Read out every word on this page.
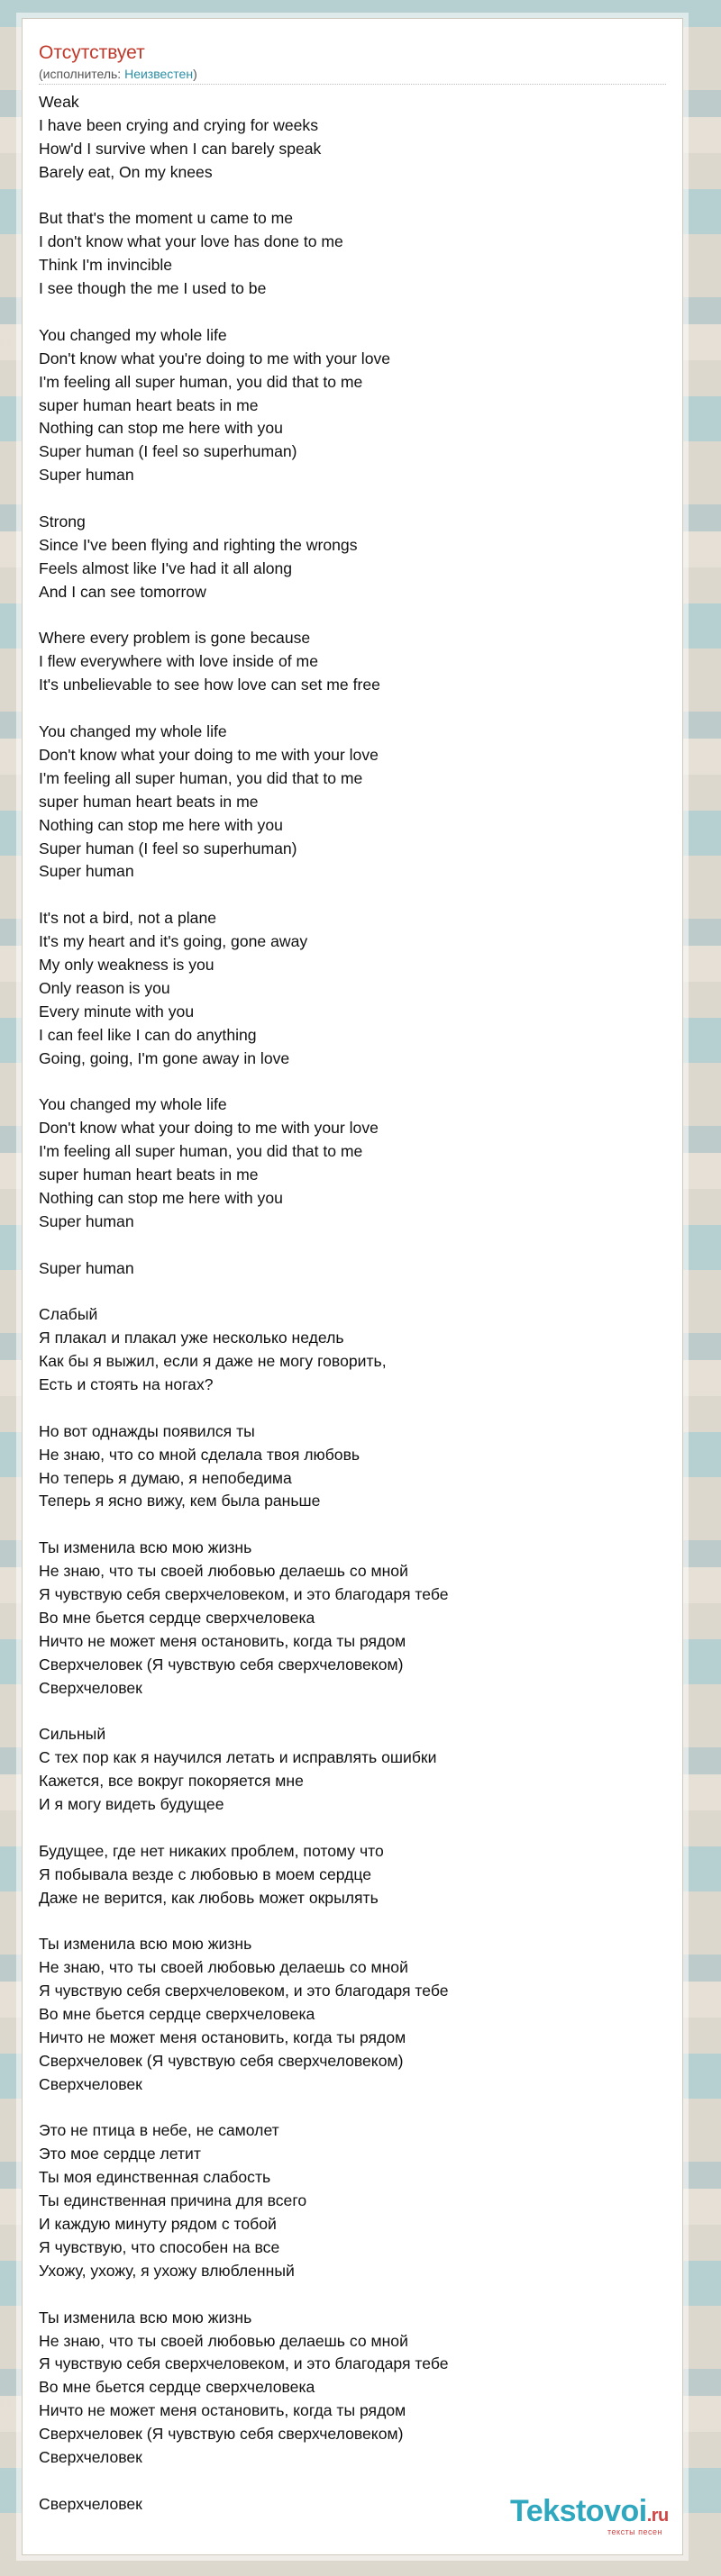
Отсутствует
(исполнитель: Неизвестен)
Weak
I have been crying and crying for weeks
How'd I survive when I can barely speak
Barely eat, On my knees
But that's the moment u came to me
I don't know what your love has done to me
Think I'm invincible
I see though the me I used to be
You changed my whole life
Don't know what you're doing to me with your love
I'm feeling all super human, you did that to me
super human heart beats in me
Nothing can stop me here with you
Super human (I feel so superhuman)
Super human
Strong
Since I've been flying and righting the wrongs
Feels almost like I've had it all along
And I can see tomorrow
Where every problem is gone because
I flew everywhere with love inside of me
It's unbelievable to see how love can set me free
You changed my whole life
Don't know what your doing to me with your love
I'm feeling all super human, you did that to me
super human heart beats in me
Nothing can stop me here with you
Super human (I feel so superhuman)
Super human
It's not a bird, not a plane
It's my heart and it's going, gone away
My only weakness is you
Only reason is you
Every minute with you
I can feel like I can do anything
Going, going, I'm gone away in love
You changed my whole life
Don't know what your doing to me with your love
I'm feeling all super human, you did that to me
super human heart beats in me
Nothing can stop me here with you
Super human
Super human
Слабый
Я плакал и плакал уже несколько недель
Как бы я выжил, если я даже не могу говорить,
Есть и стоять на ногах?
Но вот однажды появился ты
Не знаю, что со мной сделала твоя любовь
Но теперь я думаю, я непобедима
Теперь я ясно вижу, кем была раньше
Ты изменила всю мою жизнь
Не знаю, что ты своей любовью делаешь со мной
Я чувствую себя сверхчеловеком, и это благодаря тебе
Во мне бьется сердце сверхчеловека
Ничто не может меня остановить, когда ты рядом
Сверхчеловек (Я чувствую себя сверхчеловеком)
Сверхчеловек
Сильный
С тех пор как я научился летать и исправлять ошибки
Кажется, все вокруг покоряется мне
И я могу видеть будущее
Будущее, где нет никаких проблем, потому что
Я побывала везде с любовью в моем сердце
Даже не верится, как любовь может окрылять
Ты изменила всю мою жизнь
Не знаю, что ты своей любовью делаешь со мной
Я чувствую себя сверхчеловеком, и это благодаря тебе
Во мне бьется сердце сверхчеловека
Ничто не может меня остановить, когда ты рядом
Сверхчеловек (Я чувствую себя сверхчеловеком)
Сверхчеловек
Это не птица в небе, не самолет
Это мое сердце летит
Ты моя единственная слабость
Ты единственная причина для всего
И каждую минуту рядом с тобой
Я чувствую, что способен на все
Ухожу, ухожу, я ухожу влюбленный
Ты изменила всю мою жизнь
Не знаю, что ты своей любовью делаешь со мной
Я чувствую себя сверхчеловеком, и это благодаря тебе
Во мне бьется сердце сверхчеловека
Ничто не может меня остановить, когда ты рядом
Сверхчеловек (Я чувствую себя сверхчеловеком)
Сверхчеловек
Сверхчеловек	Tekstovoi.ru
тексты песен
